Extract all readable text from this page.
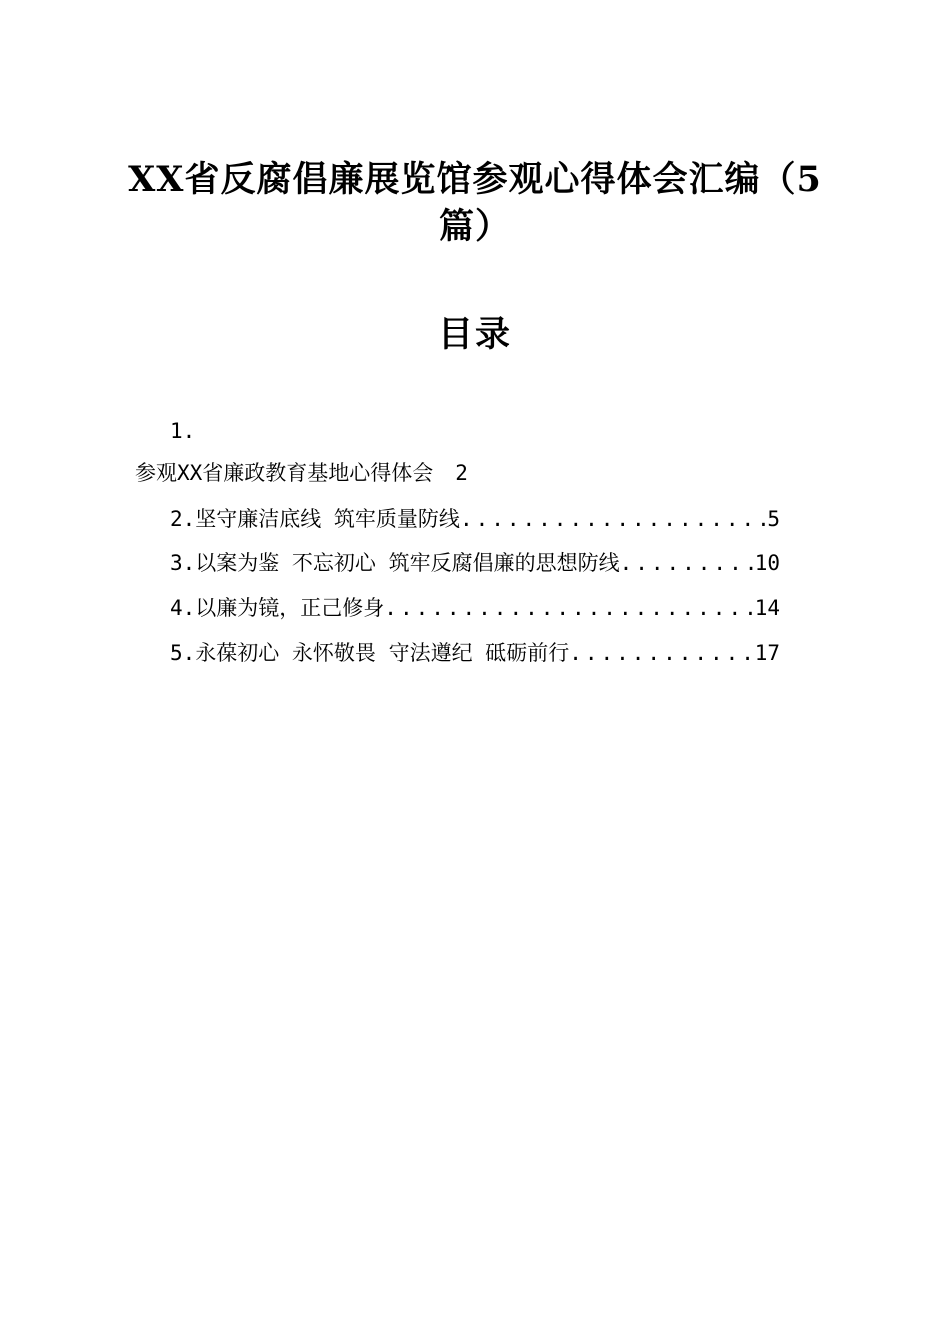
XX省反腐倡廉展览馆参观心得体会汇编（5
篇）
目录
1.
参观XX省廉政教育基地心得体会 2
2.坚守廉洁底线 筑牢质量防线 .....	5
3.以案为鉴 不忘初心 筑牢反腐倡廉的思想防线 .....	10
4.以廉为镜，正己修身 .....	14
5.永葆初心 永怀敬畏 守法遵纪 砥砺前行 .....	17
